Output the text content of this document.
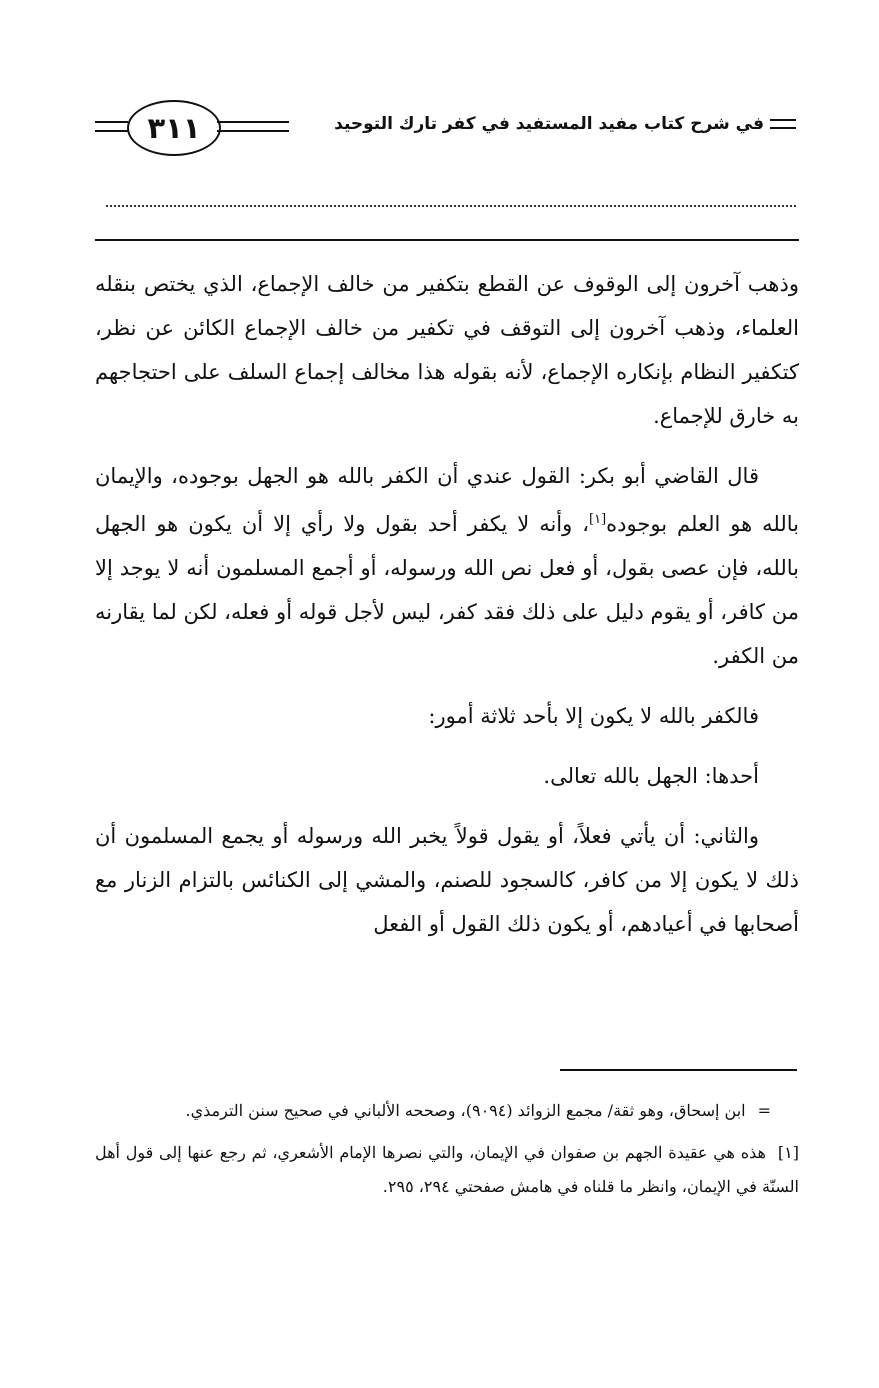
في شرح كتاب مفيد المستفيد في كفر تارك التوحيد
٣١١

وذهب آخرون إلى الوقوف عن القطع بتكفير من خالف الإجماع، الذي يختص بنقله العلماء، وذهب آخرون إلى التوقف في تكفير من خالف الإجماع الكائن عن نظر، كتكفير النظام بإنكاره الإجماع، لأنه بقوله هذا مخالف إجماع السلف على احتجاجهم به خارق للإجماع.

قال القاضي أبو بكر: القول عندي أن الكفر بالله هو الجهل بوجوده، والإيمان بالله هو العلم بوجوده[١]، وأنه لا يكفر أحد بقول ولا رأي إلا أن يكون هو الجهل بالله، فإن عصى بقول، أو فعل نص الله ورسوله، أو أجمع المسلمون أنه لا يوجد إلا من كافر، أو يقوم دليل على ذلك فقد كفر، ليس لأجل قوله أو فعله، لكن لما يقارنه من الكفر.

فالكفر بالله لا يكون إلا بأحد ثلاثة أمور:

أحدها: الجهل بالله تعالى.

والثاني: أن يأتي فعلاً، أو يقول قولاً يخبر الله ورسوله أو يجمع المسلمون أن ذلك لا يكون إلا من كافر، كالسجود للصنم، والمشي إلى الكنائس بالتزام الزنار مع أصحابها في أعيادهم، أو يكون ذلك القول أو الفعل

=ابن إسحاق، وهو ثقة/ مجمع الزوائد (٩٠٩٤)، وصححه الألباني في صحيح سنن الترمذي.

[١]هذه هي عقيدة الجهم بن صفوان في الإيمان، والتي نصرها الإمام الأشعري، ثم رجع عنها إلى قول أهل السنّة في الإيمان، وانظر ما قلناه في هامش صفحتي ٢٩٤، ٢٩٥.
